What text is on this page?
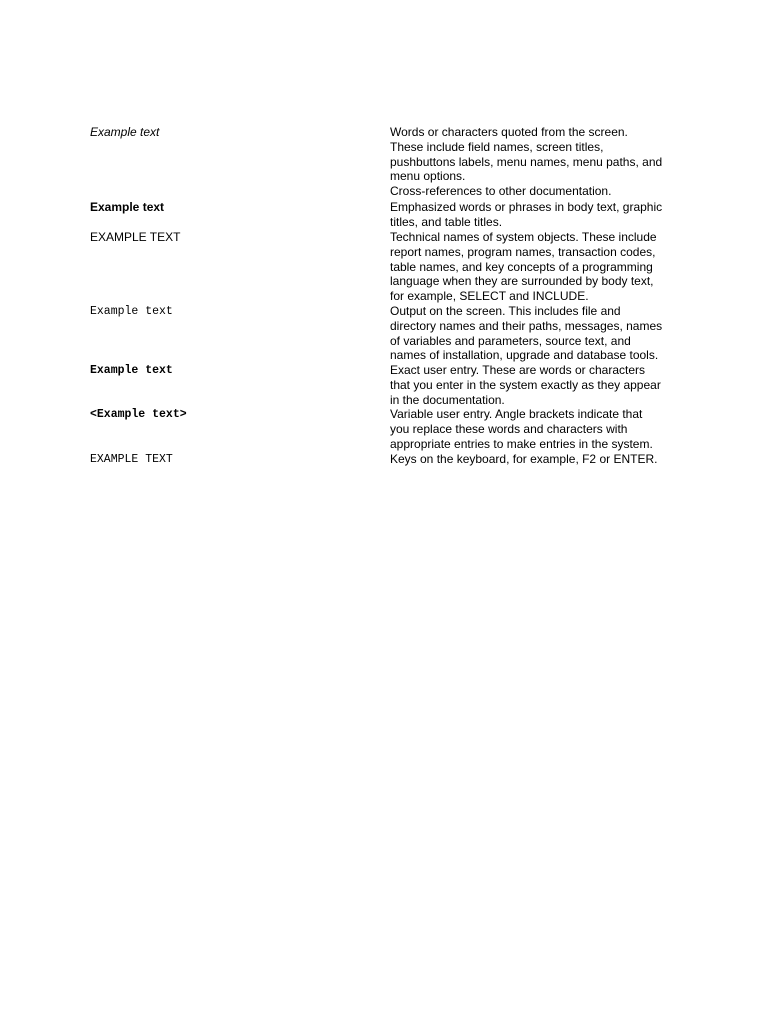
Example text	Words or characters quoted from the screen.
These include field names, screen titles,
pushbuttons labels, menu names, menu paths, and
menu options.
Cross-references to other documentation.
Example text	Emphasized words or phrases in body text, graphic
titles, and table titles.
EXAMPLE TEXT	Technical names of system objects. These include
report names, program names, transaction codes,
table names, and key concepts of a programming
language when they are surrounded by body text,
for example, SELECT and INCLUDE.
Example text	Output on the screen. This includes file and
directory names and their paths, messages, names
of variables and parameters, source text, and
names of installation, upgrade and database tools.
Example text	Exact user entry. These are words or characters
that you enter in the system exactly as they appear
in the documentation.
<Example text>	Variable user entry. Angle brackets indicate that
you replace these words and characters with
appropriate entries to make entries in the system.
EXAMPLE TEXT	Keys on the keyboard, for example, F2 or ENTER.
